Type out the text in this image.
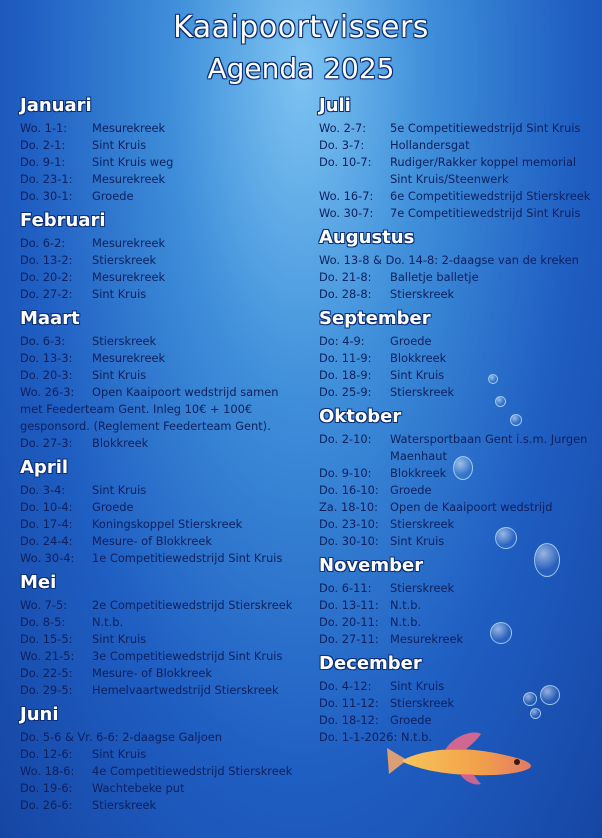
Kaaipoortvissers
Agenda 2025
Januari
Wo. 1-1:	Mesurekreek
Do. 2-1:	Sint Kruis
Do. 9-1:	Sint Kruis weg
Do. 23-1:	Mesurekreek
Do. 30-1:	Groede
Februari
Do. 6-2:	Mesurekreek
Do. 13-2:	Stierskreek
Do. 20-2:	Mesurekreek
Do. 27-2:	Sint Kruis
Maart
Do. 6-3:	Stierskreek
Do. 13-3:	Mesurekreek
Do. 20-3:	Sint Kruis
Wo. 26-3:	Open Kaaipoort wedstrijd samen
met Feederteam Gent. Inleg 10€ + 100€
gesponsord. (Reglement Feederteam Gent).
Do. 27-3:	Blokkreek
April
Do. 3-4:	Sint Kruis
Do. 10-4:	Groede
Do. 17-4:	Koningskoppel Stierskreek
Do. 24-4:	Mesure- of Blokkreek
Wo. 30-4:	1e Competitiewedstrijd Sint Kruis
Mei
Wo. 7-5:	2e Competitiewedstrijd Stierskreek
Do. 8-5:	N.t.b.
Do. 15-5:	Sint Kruis
Wo. 21-5:	3e Competitiewedstrijd Sint Kruis
Do. 22-5:	Mesure- of Blokkreek
Do. 29-5:	Hemelvaartwedstrijd Stierskreek
Juni
Do. 5-6 & Vr. 6-6: 2-daagse Galjoen
Do. 12-6:	Sint Kruis
Wo. 18-6:	4e Competitiewedstrijd Stierskreek
Do. 19-6:	Wachtebeke put
Do. 26-6:	Stierskreek
Juli
Wo. 2-7:	5e Competitiewedstrijd Sint Kruis
Do. 3-7:	Hollandersgat
Do. 10-7:	Rudiger/Rakker koppel memorial
Sint Kruis/Steenwerk
Wo. 16-7:	6e Competitiewedstrijd Stierskreek
Wo. 30-7:	7e Competitiewedstrijd Sint Kruis
Augustus
Wo. 13-8 & Do. 14-8: 2-daagse van de kreken
Do. 21-8:	Balletje balletje
Do. 28-8:	Stierskreek
September
Do: 4-9:	Groede
Do. 11-9:	Blokkreek
Do. 18-9:	Sint Kruis
Do. 25-9:	Stierskreek
Oktober
Do. 2-10:	Watersportbaan Gent i.s.m. Jurgen
Maenhaut
Do. 9-10:	Blokkreek
Do. 16-10: Groede
Za. 18-10:	Open de Kaaipoort wedstrijd
Do. 23-10: Stierskreek
Do. 30-10: Sint Kruis
November
Do. 6-11:	Stierskreek
Do. 13-11: N.t.b.
Do. 20-11: N.t.b.
Do. 27-11: Mesurekreek
December
Do. 4-12:	Sint Kruis
Do. 11-12: Stierskreek
Do. 18-12: Groede
Do. 1-1-2026: N.t.b.
